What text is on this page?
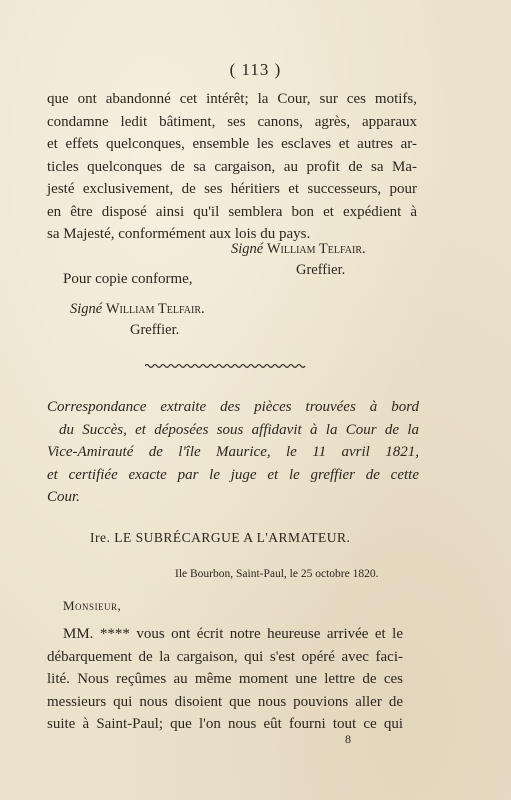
( 113 )
que ont abandonné cet intérêt; la Cour, sur ces motifs,
condamne ledit bâtiment, ses canons, agrès, apparaux
et effets quelconques, ensemble les esclaves et autres ar-
ticles quelconques de sa cargaison, au profit de sa Ma-
jesté exclusivement, de ses héritiers et successeurs, pour
en être disposé ainsi qu'il semblera bon et expédient à
sa Majesté, conformément aux lois du pays.
Signé William Telfair.
Greffier.
Pour copie conforme,
Signé William Telfair.
Greffier.
Correspondance extraite des pièces trouvées à bord
du Succès, et déposées sous affidavit à la Cour de la
Vice-Amirauté de l'île Maurice, le 11 avril 1821,
et certifiée exacte par le juge et le greffier de cette
Cour.
Ire. LE SUBRÉCARGUE A L'ARMATEUR.
Ile Bourbon, Saint-Paul, le 25 octobre 1820.
Monsieur,
MM. **** vous ont écrit notre heureuse arrivée et le
débarquement de la cargaison, qui s'est opéré avec faci-
lité. Nous reçûmes au même moment une lettre de ces
messieurs qui nous disoient que nous pouvions aller de
suite à Saint-Paul; que l'on nous eût fourni tout ce qui
8
